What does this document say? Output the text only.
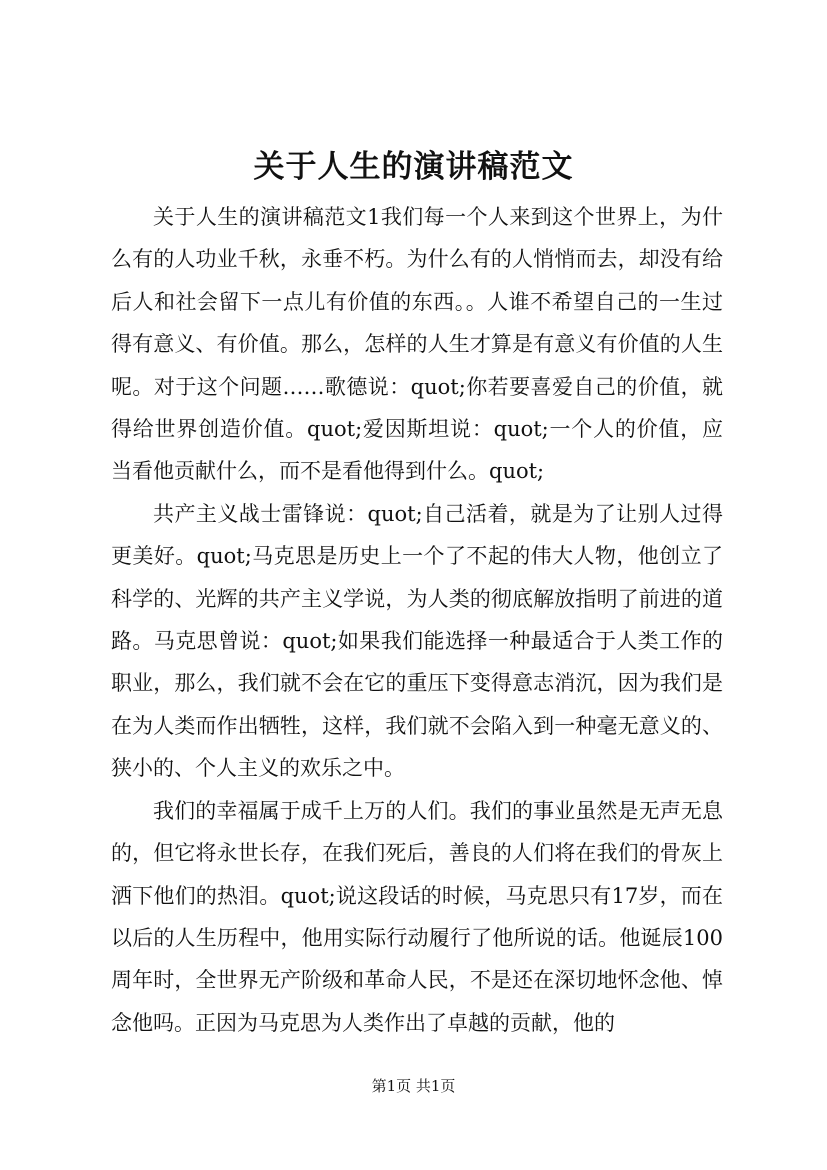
关于人生的演讲稿范文

关于人生的演讲稿范文1我们每一个人来到这个世界上，为什么有的人功业千秋，永垂不朽。为什么有的人悄悄而去，却没有给后人和社会留下一点儿有价值的东西。。人谁不希望自己的一生过得有意义、有价值。那么，怎样的人生才算是有意义有价值的人生呢。对于这个问题……歌德说：quot;你若要喜爱自己的价值，就得给世界创造价值。quot;爱因斯坦说：quot;一个人的价值，应当看他贡献什么，而不是看他得到什么。quot;

共产主义战士雷锋说：quot;自己活着，就是为了让别人过得更美好。quot;马克思是历史上一个了不起的伟大人物，他创立了科学的、光辉的共产主义学说，为人类的彻底解放指明了前进的道路。马克思曾说：quot;如果我们能选择一种最适合于人类工作的职业，那么，我们就不会在它的重压下变得意志消沉，因为我们是在为人类而作出牺牲，这样，我们就不会陷入到一种毫无意义的、狭小的、个人主义的欢乐之中。

我们的幸福属于成千上万的人们。我们的事业虽然是无声无息的，但它将永世长存，在我们死后，善良的人们将在我们的骨灰上洒下他们的热泪。quot;说这段话的时候，马克思只有17岁，而在以后的人生历程中，他用实际行动履行了他所说的话。他诞辰100周年时，全世界无产阶级和革命人民，不是还在深切地怀念他、悼念他吗。正因为马克思为人类作出了卓越的贡献，他的

第1页 共1页
